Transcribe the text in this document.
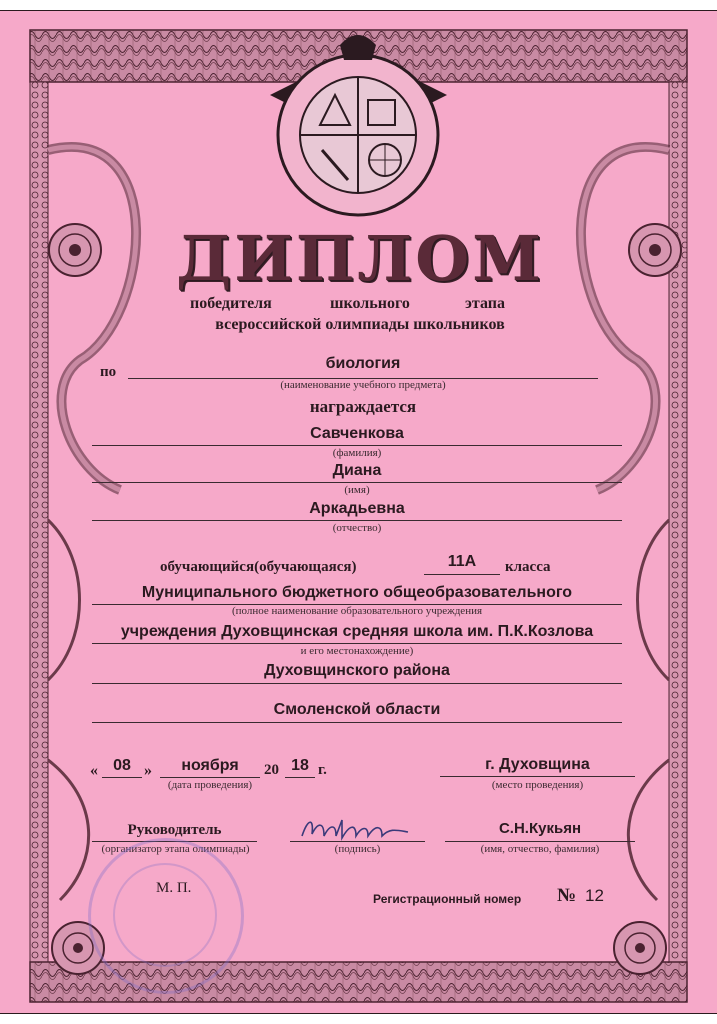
ДИПЛОМ
победителя	школьного	этапа
всероссийской олимпиады школьников
по	биология
(наименование учебного предмета)
награждается
Савченкова
(фамилия)
Диана
(имя)
Аркадьевна
(отчество)
обучающийся(обучающаяся)	11А	класса
Муниципального бюджетного общеобразовательного
(полное наименование образовательного учреждения
учреждения Духовщинская средняя школа им. П.К.Козлова
и его местонахождение)
Духовщинского района
Смоленской области
« 08 »	ноября	20 18 г.
(дата проведения)
г. Духовщина
(место проведения)
Руководитель
(организатор этапа олимпиады)	(подпись)
С.Н.Кукьян
(имя, отчество, фамилия)
М. П.
Регистрационный номер № 12
